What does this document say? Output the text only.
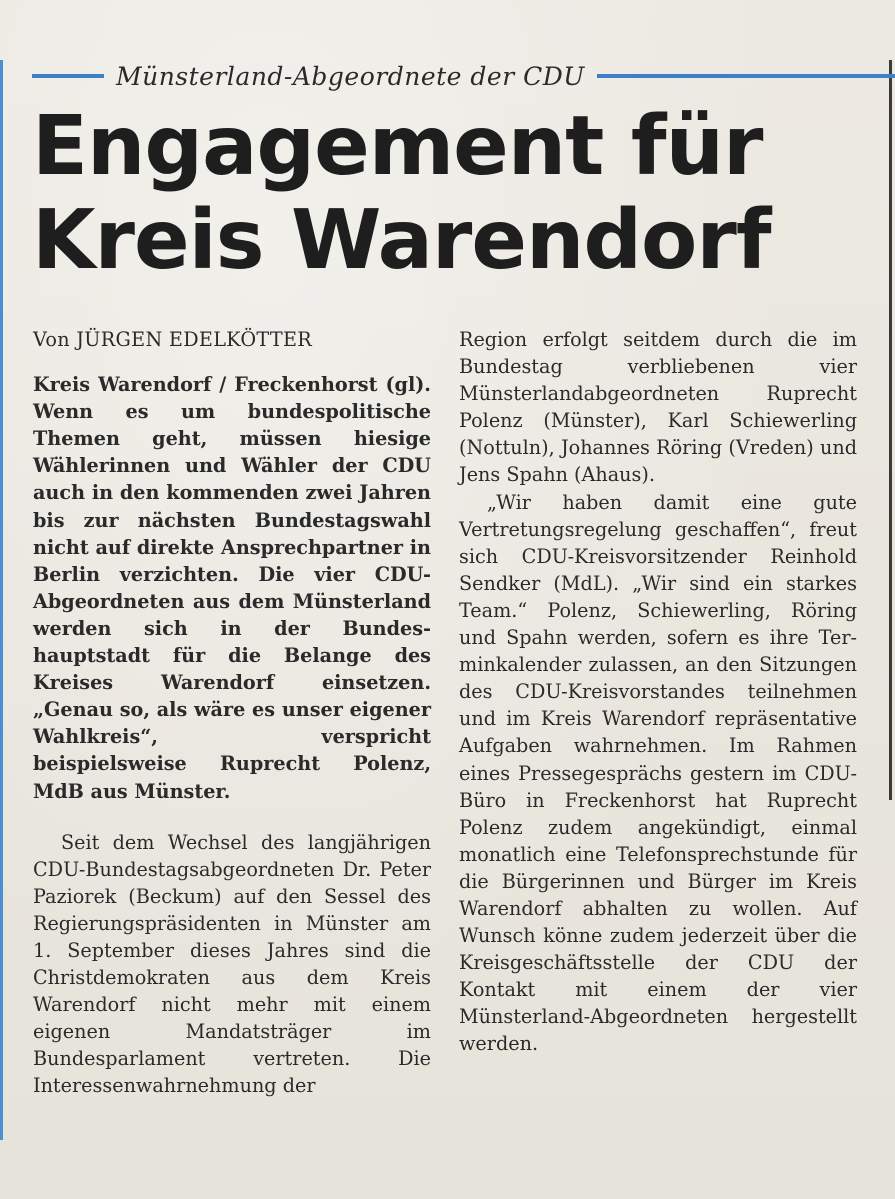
Münsterland-Abgeordnete der CDU
Engagement für
Kreis Warendorf

Von JÜRGEN EDELKÖTTER

Kreis Warendorf / Freckenhorst (gl). Wenn es um bundespolitische Themen geht, müssen hiesige Wählerinnen und Wähler der CDU auch in den kommenden zwei Jahren bis zur nächsten Bundestagswahl nicht auf direkte Ansprechpartner in Berlin verzichten. Die vier CDU-Abgeordneten aus dem Münsterland werden sich in der Bundeshauptstadt für die Belange des Kreises Warendorf einsetzen. „Genau so, als wäre es unser eigener Wahlkreis“, verspricht beispielsweise Ruprecht Polenz, MdB aus Münster.

Seit dem Wechsel des langjährigen CDU-Bundestagsabgeordneten Dr. Peter Paziorek (Beckum) auf den Sessel des Regierungspräsidenten in Münster am 1. September dieses Jahres sind die Christdemokraten aus dem Kreis Warendorf nicht mehr mit einem eigenen Mandatsträger im Bundesparlament vertreten. Die Interessenwahrnehmung der

Region erfolgt seitdem durch die im Bundestag verbliebenen vier Münsterlandabgeordneten Ruprecht Polenz (Münster), Karl Schiewerling (Nottuln), Johannes Röring (Vreden) und Jens Spahn (Ahaus).

„Wir haben damit eine gute Vertretungsregelung geschaffen“, freut sich CDU-Kreisvorsitzender Reinhold Sendker (MdL). „Wir sind ein starkes Team.“ Polenz, Schiewerling, Röring und Spahn werden, sofern es ihre Terminkalender zulassen, an den Sitzungen des CDU-Kreisvorstandes teilnehmen und im Kreis Warendorf repräsentative Aufgaben wahrnehmen. Im Rahmen eines Pressegesprächs gestern im CDU-Büro in Freckenhorst hat Ruprecht Polenz zudem angekündigt, einmal monatlich eine Telefonsprechstunde für die Bürgerinnen und Bürger im Kreis Warendorf abhalten zu wollen. Auf Wunsch könne zudem jederzeit über die Kreisgeschäftsstelle der CDU der Kontakt mit einem der vier Münsterland-Abgeordneten hergestellt werden.
